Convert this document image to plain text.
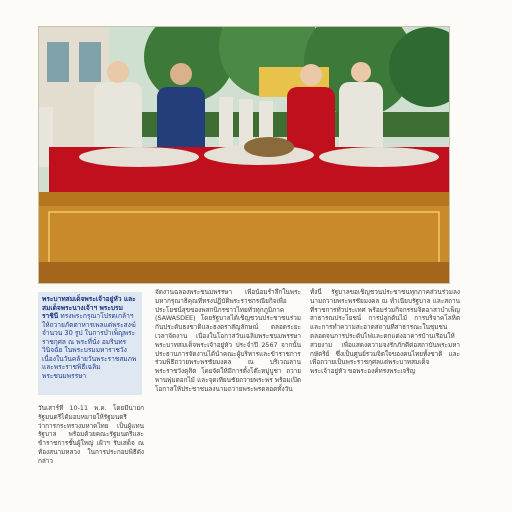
พระบาทสมเด็จพระเจ้าอยู่หัว และ สมเด็จพระนางเจ้าฯ พระบรมราชินี ทรงพระกรุณาโปรดเกล้าฯ ให้ถวายภัตตาหารเพลแด่พระสงฆ์ จำนวน 30 รูป ในการบำเพ็ญพระราชกุศล ณ พระที่นั่ง อมรินทรวินิจฉัย ในพระบรมมหาราชวัง เนื่องในวันคล้ายวันพระราชสมภพ และพระราชพิธีเฉลิมพระชนมพรรษา
วันเสาร์ที่ 10-11 พ.ค. โดยมีนายกรัฐมนตรีได้มอบหมายให้รัฐมนตรีว่าการกระทรวงมหาดไทย เป็นผู้แทนรัฐบาล พร้อมด้วยคณะรัฐมนตรีและข้าราชการชั้นผู้ใหญ่ เฝ้าฯ รับเสด็จ ณ ท้องสนามหลวง ในการประกอบพิธีดังกล่าว
จัดงานฉลองพระชนมพรรษา เพื่อน้อมรำลึกในพระมหากรุณาธิคุณที่ทรงปฏิบัติพระราชกรณียกิจเพื่อประโยชน์สุขของพสกนิกรชาวไทยทั่วทุกภูมิภาค (SAWASDEE) โดยรัฐบาลได้เชิญชวนประชาชนร่วมกันประดับธงชาติและธงตราสัญลักษณ์ ตลอดระยะเวลาจัดงาน เนื่องในโอกาสวันเฉลิมพระชนมพรรษาพระบาทสมเด็จพระเจ้าอยู่หัว ประจำปี 2567 จากนั้น ประธานการจัดงานได้นำคณะผู้บริหารและข้าราชการร่วมพิธีถวายพระพรชัยมงคล ณ บริเวณลานพระราชวังดุสิต โดยจัดให้มีการตั้งโต๊ะหมู่บูชา ถวายพานพุ่มดอกไม้ และจุดเทียนชัยถวายพระพร พร้อมเปิดโอกาสให้ประชาชนลงนามถวายพระพรตลอดทั้งวัน
ทั้งนี้ รัฐบาลขอเชิญชวนประชาชนทุกภาคส่วนร่วมลงนามถวายพระพรชัยมงคล ณ ทำเนียบรัฐบาล และสถานที่ราชการทั่วประเทศ พร้อมร่วมกิจกรรมจิตอาสาบำเพ็ญสาธารณประโยชน์ การปลูกต้นไม้ การบริจาคโลหิต และการทำความสะอาดสถานที่สาธารณะในชุมชน ตลอดจนการประดับไฟและตกแต่งอาคารบ้านเรือนให้สวยงาม เพื่อแสดงความจงรักภักดีต่อสถาบันพระมหากษัตริย์ ซึ่งเป็นศูนย์รวมจิตใจของคนไทยทั้งชาติ และเพื่อถวายเป็นพระราชกุศลแด่พระบาทสมเด็จพระเจ้าอยู่หัว ขอพระองค์ทรงพระเจริญ
